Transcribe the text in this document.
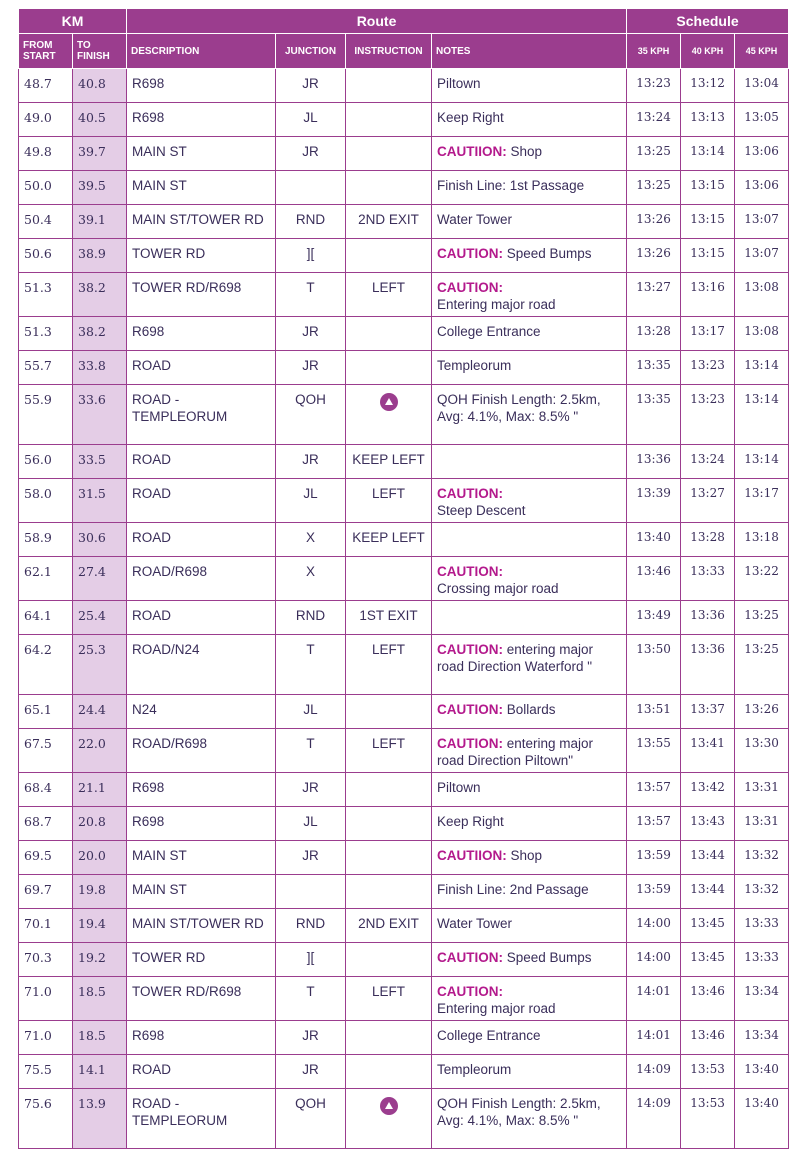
KM		Route				Schedule		
FROM START	TO FINISH	DESCRIPTION	JUNCTION	INSTRUCTION	NOTES	35 KPH	40 KPH	45 KPH

48.7	40.8	R698	JR		Piltown	13:23	13:12	13:04

49.0	40.5	R698	JL		Keep Right	13:24	13:13	13:05

49.8	39.7	MAIN ST	JR		CAUTIION: Shop	13:25	13:14	13:06

50.0	39.5	MAIN ST			Finish Line: 1st Passage	13:25	13:15	13:06

50.4	39.1	MAIN ST/TOWER RD	RND	2ND EXIT	Water Tower	13:26	13:15	13:07

50.6	38.9	TOWER RD	][		CAUTION: Speed Bumps	13:26	13:15	13:07

51.3	38.2	TOWER RD/R698	T	LEFT	CAUTION:
Entering major road	13:27	13:16	13:08

51.3	38.2	R698	JR		College Entrance	13:28	13:17	13:08

55.7	33.8	ROAD	JR		Templeorum	13:35	13:23	13:14

55.9	33.6	ROAD - TEMPLEORUM	QOH		QOH Finish Length: 2.5km, Avg: 4.1%, Max: 8.5% "	13:35	13:23	13:14

56.0	33.5	ROAD	JR	KEEP LEFT		13:36	13:24	13:14

58.0	31.5	ROAD	JL	LEFT	CAUTION:
Steep Descent	13:39	13:27	13:17

58.9	30.6	ROAD	X	KEEP LEFT		13:40	13:28	13:18

62.1	27.4	ROAD/R698	X		CAUTION:
Crossing major road	13:46	13:33	13:22

64.1	25.4	ROAD	RND	1ST EXIT		13:49	13:36	13:25

64.2	25.3	ROAD/N24	T	LEFT	CAUTION: entering major road Direction Waterford "	13:50	13:36	13:25

65.1	24.4	N24	JL		CAUTION: Bollards	13:51	13:37	13:26

67.5	22.0	ROAD/R698	T	LEFT	CAUTION: entering major road Direction Piltown"	13:55	13:41	13:30

68.4	21.1	R698	JR		Piltown	13:57	13:42	13:31

68.7	20.8	R698	JL		Keep Right	13:57	13:43	13:31

69.5	20.0	MAIN ST	JR		CAUTIION: Shop	13:59	13:44	13:32

69.7	19.8	MAIN ST			Finish Line: 2nd Passage	13:59	13:44	13:32

70.1	19.4	MAIN ST/TOWER RD	RND	2ND EXIT	Water Tower	14:00	13:45	13:33

70.3	19.2	TOWER RD	][		CAUTION: Speed Bumps	14:00	13:45	13:33

71.0	18.5	TOWER RD/R698	T	LEFT	CAUTION:
Entering major road	14:01	13:46	13:34

71.0	18.5	R698	JR		College Entrance	14:01	13:46	13:34

75.5	14.1	ROAD	JR		Templeorum	14:09	13:53	13:40

75.6	13.9	ROAD - TEMPLEORUM	QOH		QOH Finish Length: 2.5km, Avg: 4.1%, Max: 8.5% "	14:09	13:53	13:40
